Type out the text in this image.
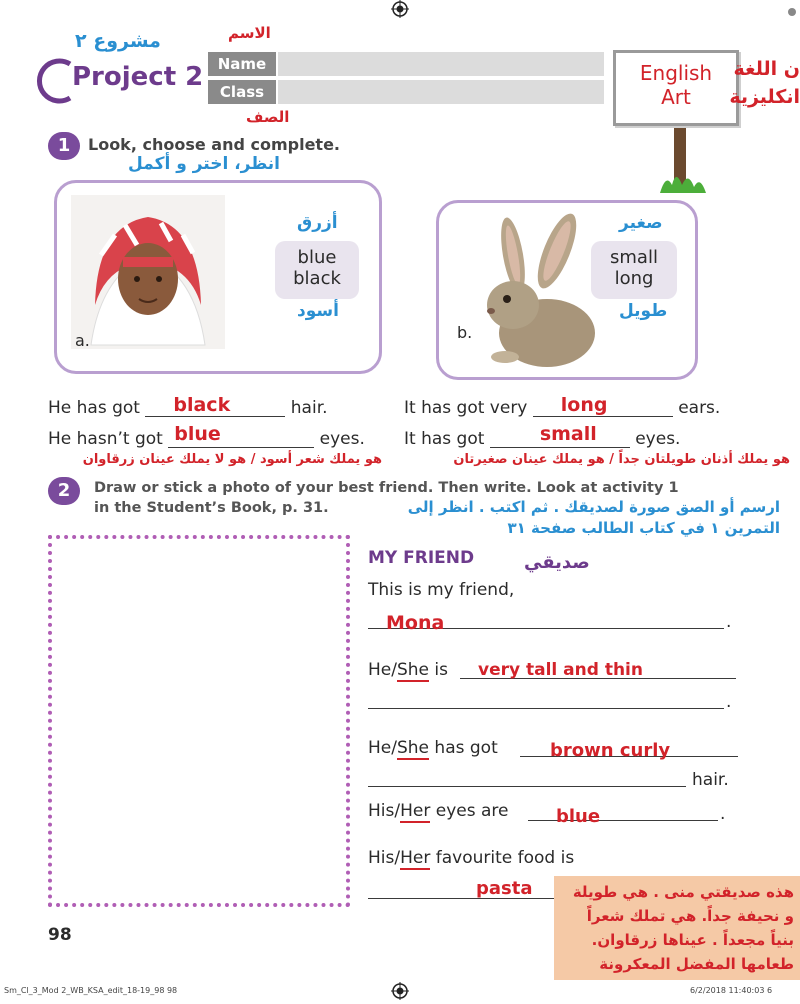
مشروع ٢
Project 2
الاسم
Name
Class
الصف
English
Art
ن اللغة
انكليزية
1	Look, choose and complete.
انظر، اختر و أكمل
a.
أزرق
blue
black
أسود
b.
صغير
small
long
طويل
He has got black	hair.
He hasn’t got blue	eyes.
It has got very long	ears.
It has got	small eyes.
هو يملك شعر أسود / هو لا يملك عينان زرقاوان	هو يملك أذنان طويلتان جداً / هو يملك عينان صغيرتان
2	Draw or stick a photo of your best friend. Then write. Look at activity 1
in the Student’s Book, p. 31.	ارسم أو الصق صورة لصديقك . ثم اكتب . انظر إلى
التمرين ١ في كتاب الطالب صفحة ٣١
MY FRIEND	صديقي
This is my friend,
Mona	.
He/She is very tall and thin
.
He/She has got	brown curly
hair.
His/Her eyes are	blue	.
His/Her favourite food is
pasta	هذه صديقتي منى . هي طويلة و نحيفة جداً. هي تملك شعراً بنياً مجعداً . عيناها زرقاوان. طعامها المفضل المعكرونة
98
Sm_Cl_3_Mod 2_WB_KSA_edit_18-19_98 98	6/2/2018 11:40:03 6
